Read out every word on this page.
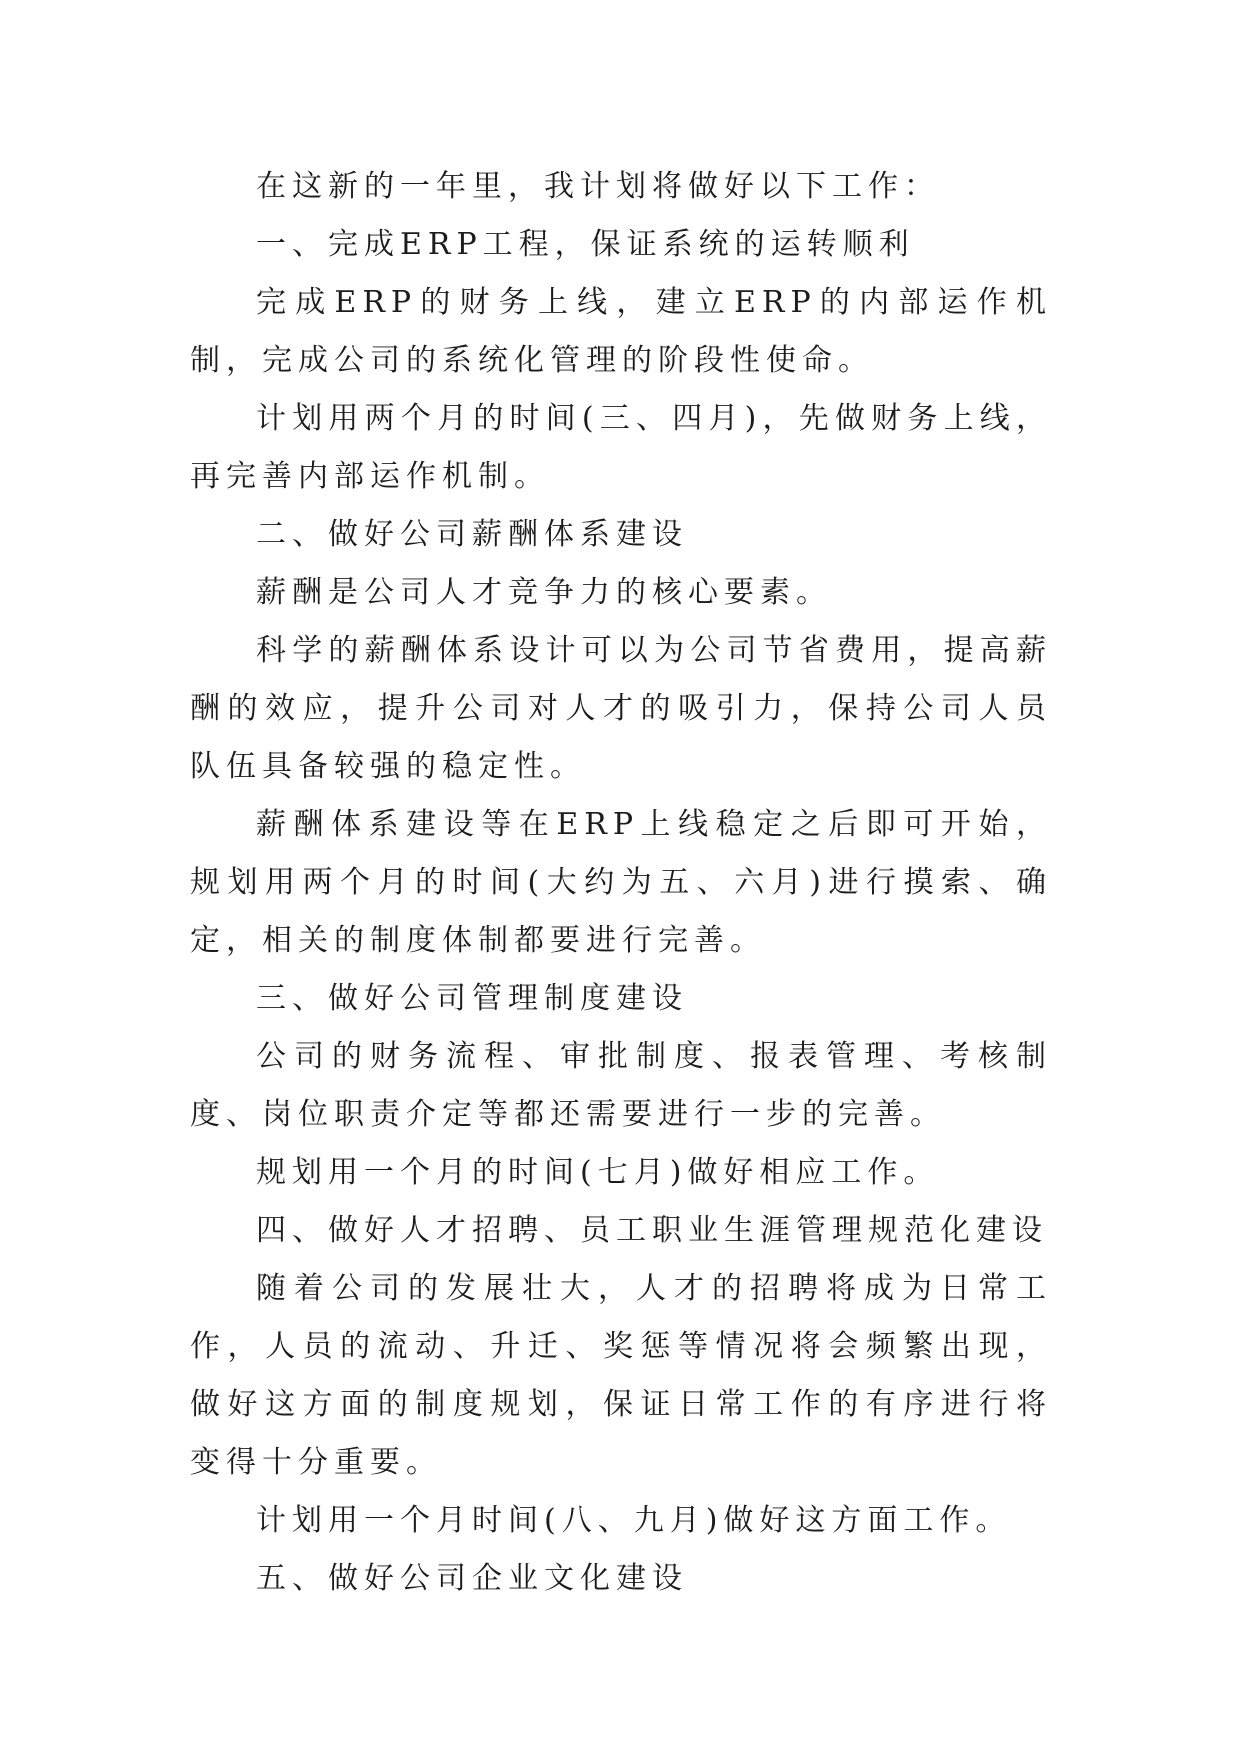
在这新的一年里，我计划将做好以下工作：

一、完成ERP工程，保证系统的运转顺利

完成ERP的财务上线，建立ERP的内部运作机制，完成公司的系统化管理的阶段性使命。

计划用两个月的时间(三、四月)，先做财务上线，再完善内部运作机制。

二、做好公司薪酬体系建设

薪酬是公司人才竞争力的核心要素。

科学的薪酬体系设计可以为公司节省费用，提高薪酬的效应，提升公司对人才的吸引力，保持公司人员队伍具备较强的稳定性。

薪酬体系建设等在ERP上线稳定之后即可开始，规划用两个月的时间(大约为五、六月)进行摸索、确定，相关的制度体制都要进行完善。

三、做好公司管理制度建设

公司的财务流程、审批制度、报表管理、考核制度、岗位职责介定等都还需要进行一步的完善。

规划用一个月的时间(七月)做好相应工作。

四、做好人才招聘、员工职业生涯管理规范化建设

随着公司的发展壮大，人才的招聘将成为日常工作，人员的流动、升迁、奖惩等情况将会频繁出现，做好这方面的制度规划，保证日常工作的有序进行将变得十分重要。

计划用一个月时间(八、九月)做好这方面工作。

五、做好公司企业文化建设
